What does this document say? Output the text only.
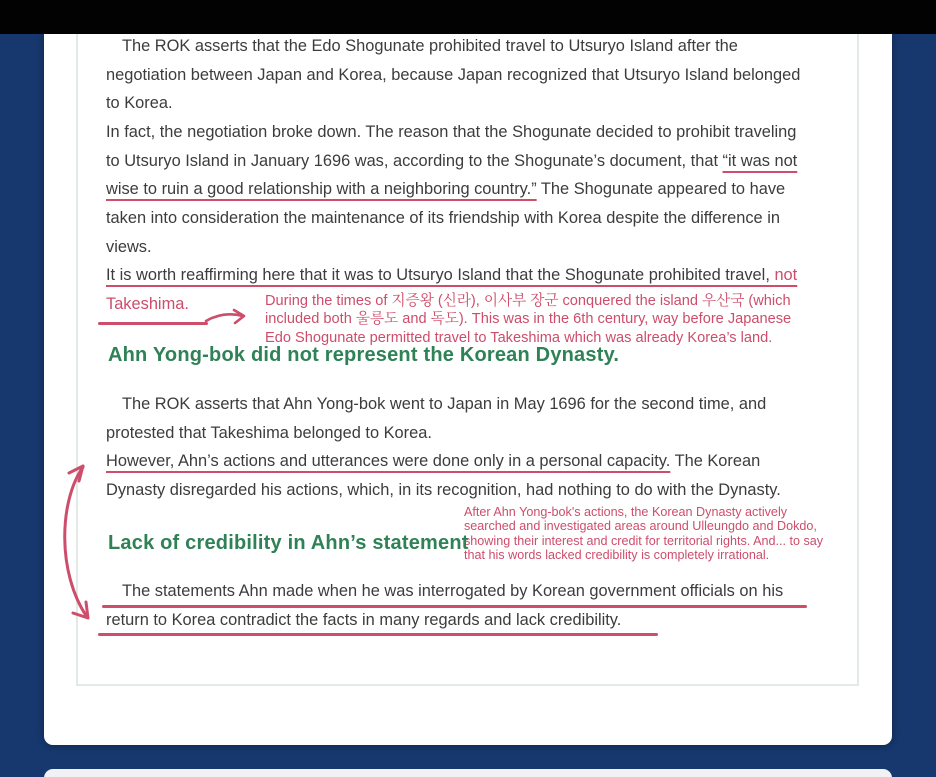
The ROK asserts that the Edo Shogunate prohibited travel to Utsuryo Island after the
negotiation between Japan and Korea, because Japan recognized that Utsuryo Island belonged
to Korea.
In fact, the negotiation broke down. The reason that the Shogunate decided to prohibit traveling
to Utsuryo Island in January 1696 was, according to the Shogunate’s document, that “it was not
wise to ruin a good relationship with a neighboring country.” The Shogunate appeared to have
taken into consideration the maintenance of its friendship with Korea despite the difference in
views.
It is worth reaffirming here that it was to Utsuryo Island that the Shogunate prohibited travel, not
Takeshima.	During the times of 지증왕 (신라), 이사부 장군 conquered the island 우산국 (which
included both 울릉도 and 독도). This was in the 6th century, way before Japanese
Edo Shogunate permitted travel to Takeshima which was already Korea’s land.
Ahn Yong-bok did not represent the Korean Dynasty.
The ROK asserts that Ahn Yong-bok went to Japan in May 1696 for the second time, and
protested that Takeshima belonged to Korea.
However, Ahn’s actions and utterances were done only in a personal capacity. The Korean
Dynasty disregarded his actions, which, in its recognition, had nothing to do with the Dynasty.
After Ahn Yong-bok's actions, the Korean Dynasty actively
searched and investigated areas around Ulleungdo and Dokdo,
showing their interest and credit for territorial rights. And... to say
that his words lacked credibility is completely irrational.
Lack of credibility in Ahn’s statement
The statements Ahn made when he was interrogated by Korean government officials on his
return to Korea contradict the facts in many regards and lack credibility.
